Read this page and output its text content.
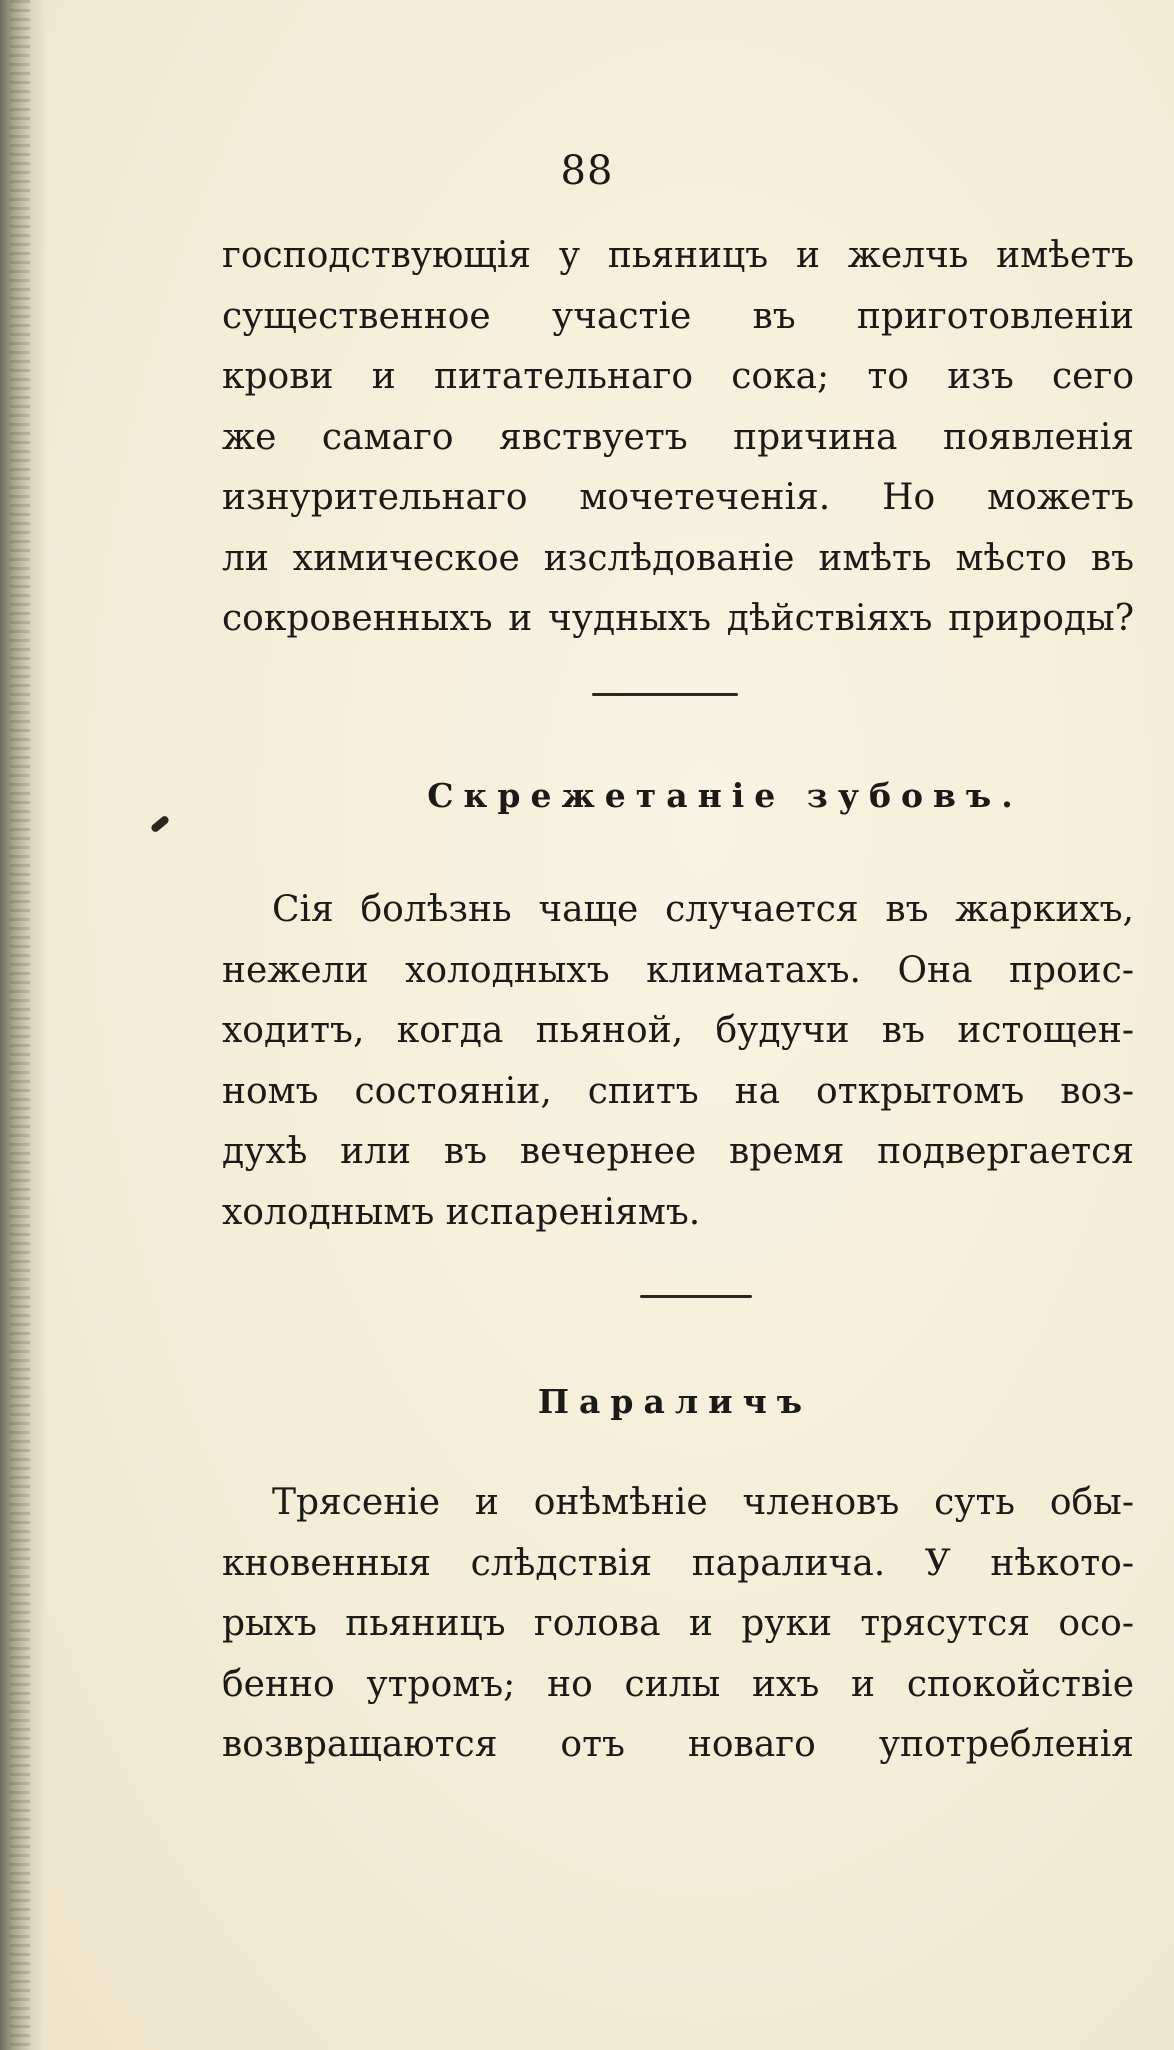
88
господствующія у пьяницъ и желчь имѣетъ
существенное участіе въ приготовленіи
крови и питательнаго сока; то изъ сего
же самаго явствуетъ причина появленія
изнурительнаго мочетеченія. Но можетъ
ли химическое изслѣдованіе имѣть мѣсто въ
сокровенныхъ и чудныхъ дѣйствіяхъ природы?
Скрежетаніе зубовъ.
Сія болѣзнь чаще случается въ жаркихъ,
нежели холодныхъ климатахъ. Она проис-
ходитъ, когда пьяной, будучи въ истощен-
номъ состояніи, спитъ на открытомъ воз-
духѣ или въ вечернее время подвергается
холоднымъ испареніямъ.
Параличъ
Трясеніе и онѣмѣніе членовъ суть обы-
кновенныя слѣдствія паралича. У нѣкото-
рыхъ пьяницъ голова и руки трясутся осо-
бенно утромъ; но силы ихъ и спокойствіе
возвращаются отъ новаго употребленія
